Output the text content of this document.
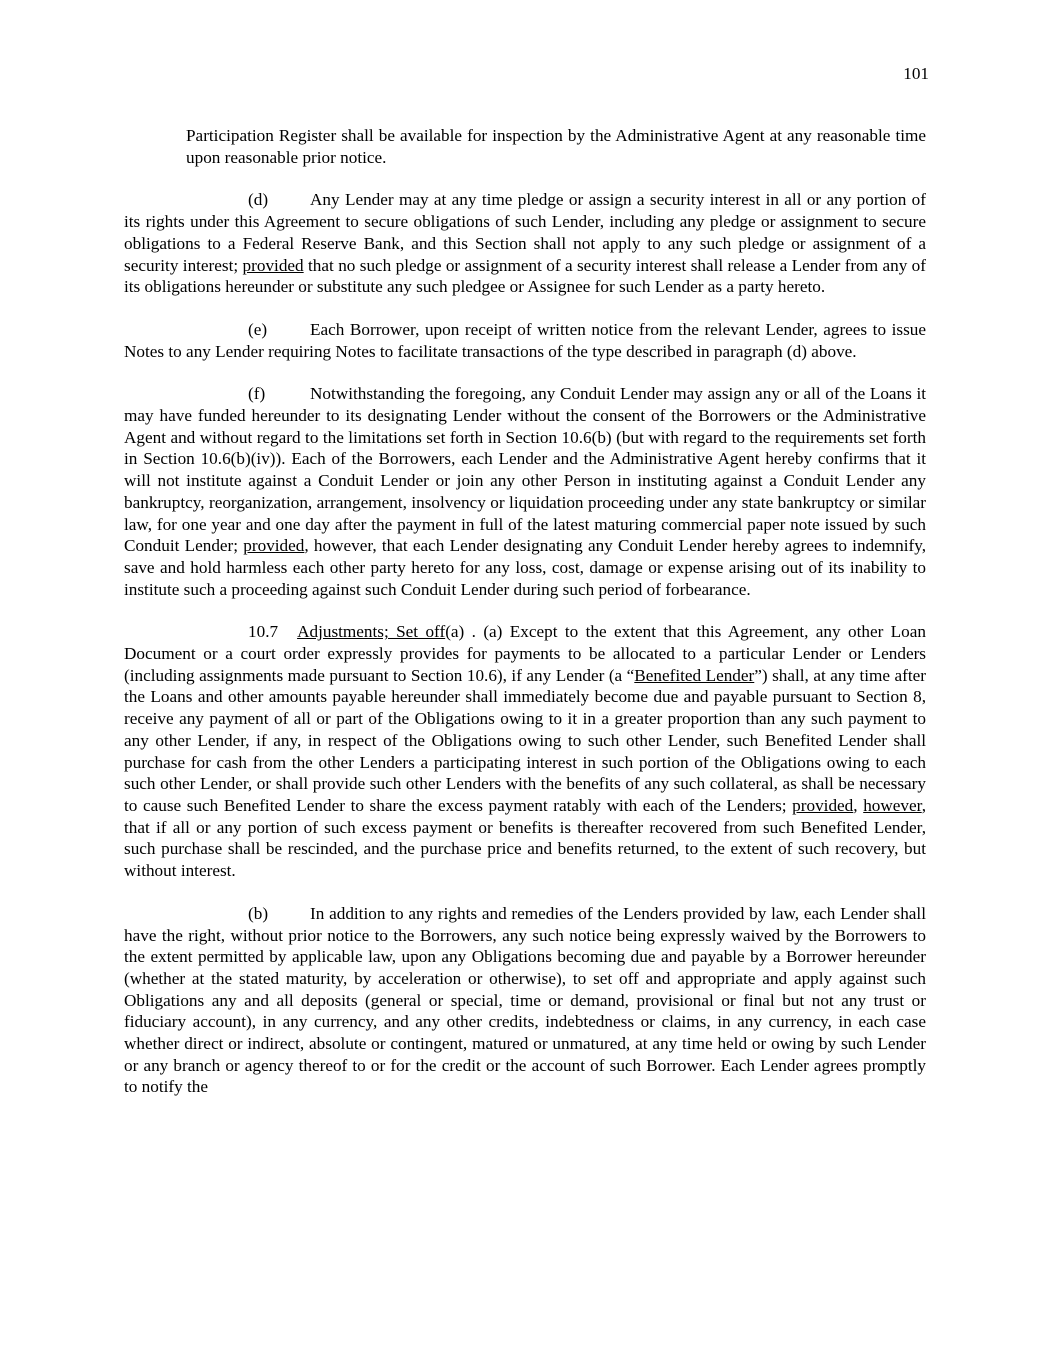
101

Participation Register shall be available for inspection by the Administrative Agent at any reasonable time upon reasonable prior notice.

(d) Any Lender may at any time pledge or assign a security interest in all or any portion of its rights under this Agreement to secure obligations of such Lender, including any pledge or assignment to secure obligations to a Federal Reserve Bank, and this Section shall not apply to any such pledge or assignment of a security interest; provided that no such pledge or assignment of a security interest shall release a Lender from any of its obligations hereunder or substitute any such pledgee or Assignee for such Lender as a party hereto.

(e) Each Borrower, upon receipt of written notice from the relevant Lender, agrees to issue Notes to any Lender requiring Notes to facilitate transactions of the type described in paragraph (d) above.

(f)	Notwithstanding the foregoing, any Conduit Lender may assign any or all of the Loans it may have funded hereunder to its designating Lender without the consent of the Borrowers or the Administrative Agent and without regard to the limitations set forth in Section 10.6(b) (but with regard to the requirements set forth in Section 10.6(b)(iv)). Each of the Borrowers, each Lender and the Administrative Agent hereby confirms that it will not institute against a Conduit Lender or join any other Person in instituting against a Conduit Lender any bankruptcy, reorganization, arrangement, insolvency or liquidation proceeding under any state bankruptcy or similar law, for one year and one day after the payment in full of the latest maturing commercial paper note issued by such Conduit Lender; provided, however, that each Lender designating any Conduit Lender hereby agrees to indemnify, save and hold harmless each other party hereto for any loss, cost, damage or expense arising out of its inability to institute such a proceeding against such Conduit Lender during such period of forbearance.

10.7 Adjustments; Set off(a) . (a) Except to the extent that this Agreement, any other Loan Document or a court order expressly provides for payments to be allocated to a particular Lender or Lenders (including assignments made pursuant to Section 10.6), if any Lender (a “Benefited Lender”) shall, at any time after the Loans and other amounts payable hereunder shall immediately become due and payable pursuant to Section 8, receive any payment of all or part of the Obligations owing to it in a greater proportion than any such payment to any other Lender, if any, in respect of the Obligations owing to such other Lender, such Benefited Lender shall purchase for cash from the other Lenders a participating interest in such portion of the Obligations owing to each such other Lender, or shall provide such other Lenders with the benefits of any such collateral, as shall be necessary to cause such Benefited Lender to share the excess payment ratably with each of the Lenders; provided, however, that if all or any portion of such excess payment or benefits is thereafter recovered from such Benefited Lender, such purchase shall be rescinded, and the purchase price and benefits returned, to the extent of such recovery, but without interest.

(b) In addition to any rights and remedies of the Lenders provided by law, each Lender shall have the right, without prior notice to the Borrowers, any such notice being expressly waived by the Borrowers to the extent permitted by applicable law, upon any Obligations becoming due and payable by a Borrower hereunder (whether at the stated maturity, by acceleration or otherwise), to set off and appropriate and apply against such Obligations any and all deposits (general or special, time or demand, provisional or final but not any trust or fiduciary account), in any currency, and any other credits, indebtedness or claims, in any currency, in each case whether direct or indirect, absolute or contingent, matured or unmatured, at any time held or owing by such Lender or any branch or agency thereof to or for the credit or the account of such Borrower. Each Lender agrees promptly to notify the
